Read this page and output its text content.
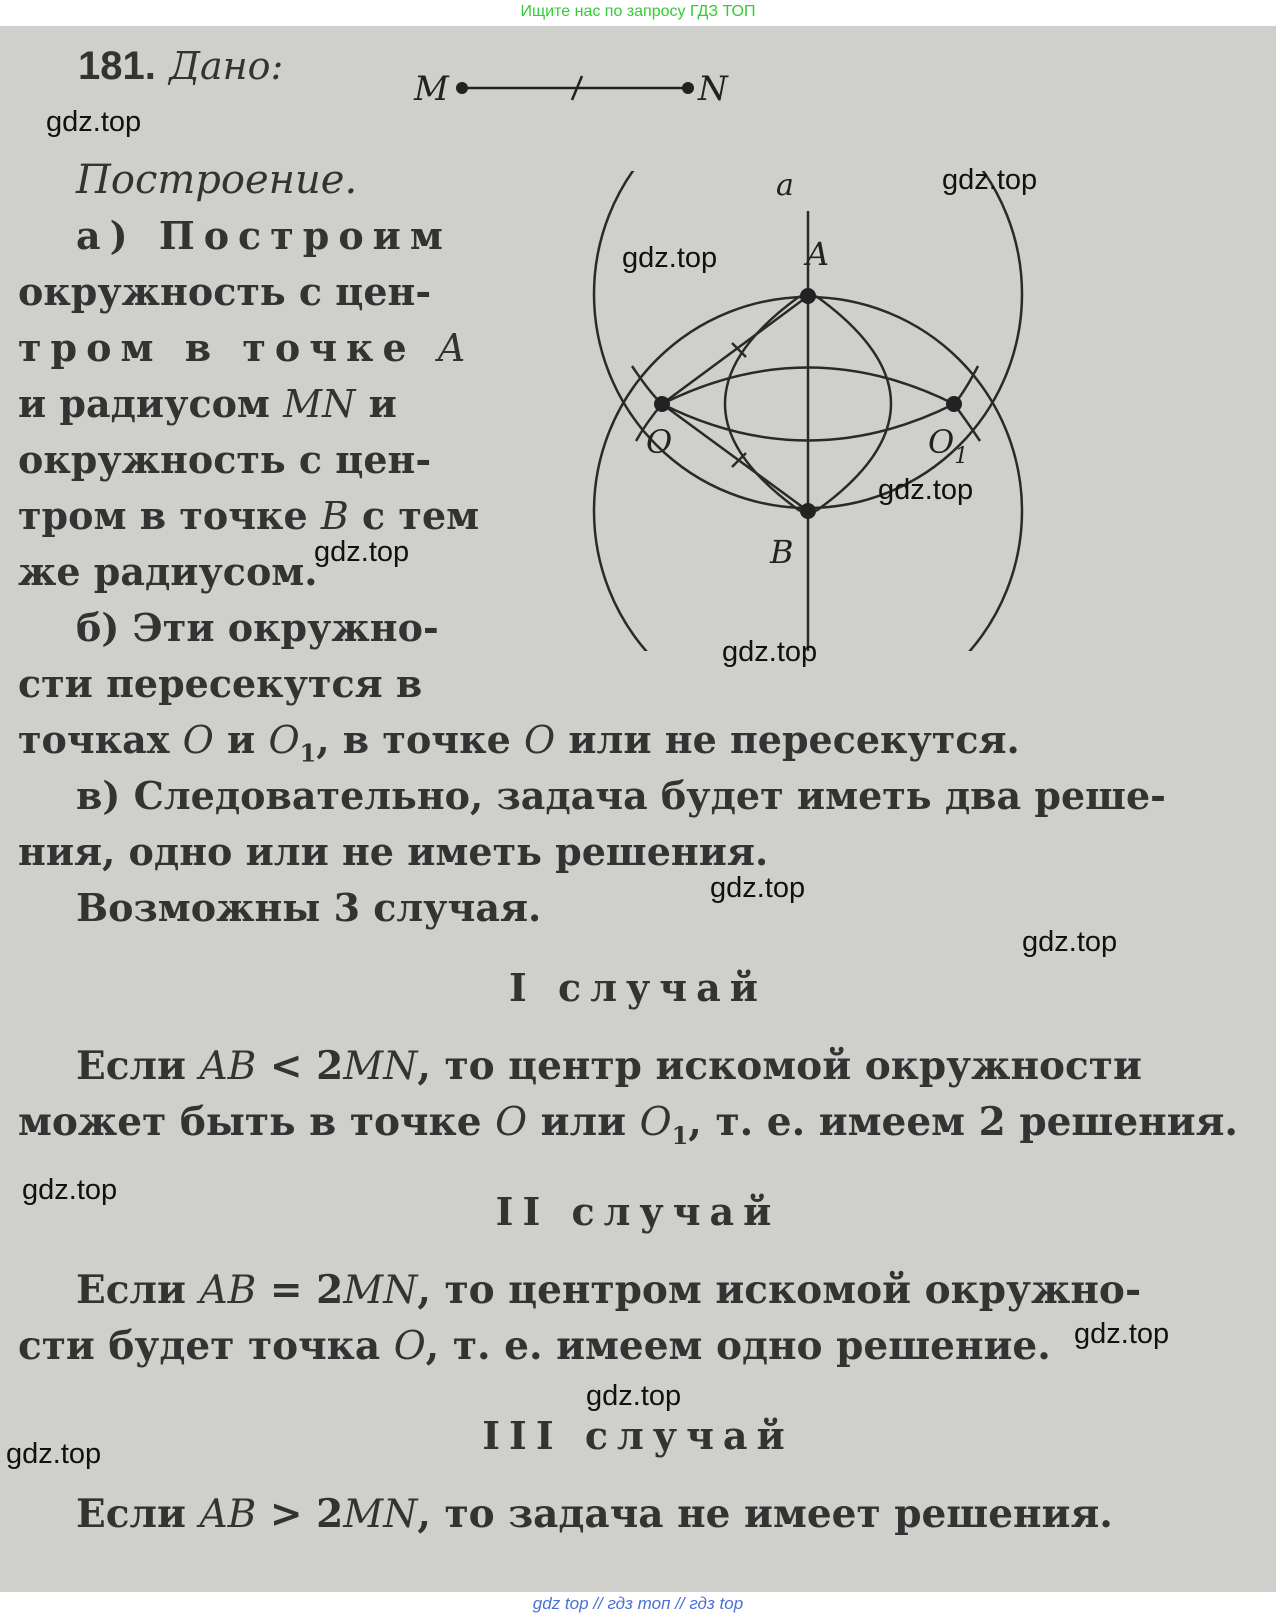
Ищите нас по запросу ГДЗ ТОП
181. Дано:
M	N
Построение.
а) Построим
окружность с цен-
тром в точке A
и радиусом MN и
окружность с цен-
тром в точке B с тем
же радиусом.
б) Эти окружно-
сти пересекутся в
точках O и $O_1$, в точке O или не пересекутся.
в) Следовательно, задача будет иметь два реше-
ния, одно или не иметь решения.
Возможны 3 случая.
a
A
B
O	$O_1$
I случай
Если AB < 2MN, то центр искомой окружности
может быть в точке O или $O_1$, т. е. имеем 2 решения.
II случай
Если AB = 2MN, то центром искомой окружно-
сти будет точка O, т. е. имеем одно решение.
III случай
Если AB > 2MN, то задача не имеет решения.
gdz.top
gdz.top
gdz.top
gdz.top
gdz.top
gdz.top
gdz.top
gdz.top
gdz.top
gdz.top
gdz.top
gdz.top
gdz top // гдз топ // гдз top
